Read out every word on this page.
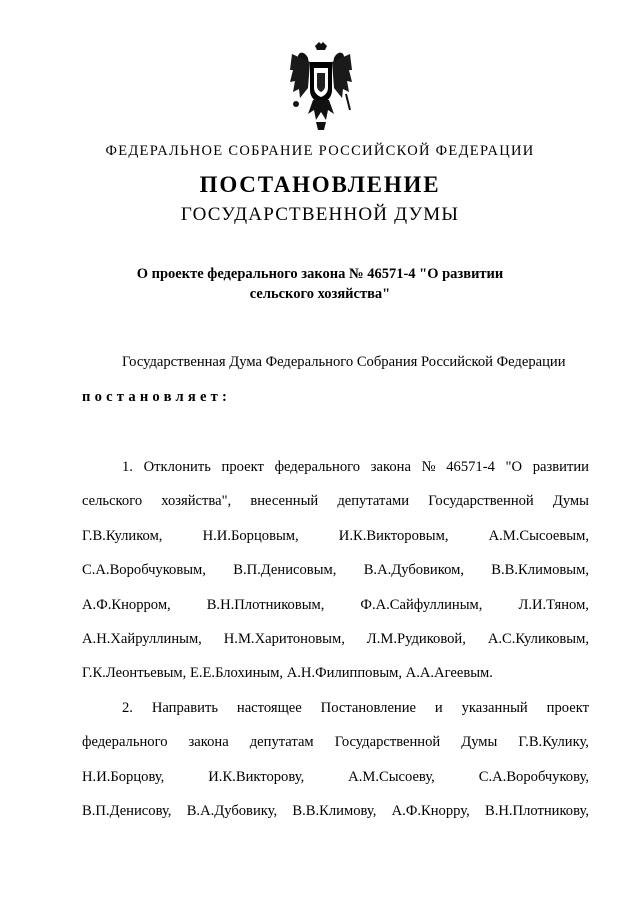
ФЕДЕРАЛЬНОЕ СОБРАНИЕ РОССИЙСКОЙ ФЕДЕРАЦИИ
ПОСТАНОВЛЕНИЕ
ГОСУДАРСТВЕННОЙ ДУМЫ
О проекте федерального закона № 46571-4 "О развитии
сельского хозяйства"
Государственная Дума Федерального Собрания Российской Федерации
постановляет:
1. Отклонить проект федерального закона № 46571-4 "О развитии
сельского хозяйства", внесенный депутатами Государственной Думы
Г.В.Куликом,	Н.И.Борцовым,	И.К.Викторовым,	А.М.Сысоевым,
С.А.Воробчуковым, В.П.Денисовым, В.А.Дубовиком, В.В.Климовым,
А.Ф.Кнорром, В.Н.Плотниковым, Ф.А.Сайфуллиным, Л.И.Тяном,
А.Н.Хайруллиным, Н.М.Харитоновым, Л.М.Рудиковой, А.С.Куликовым,
Г.К.Леонтьевым, Е.Е.Блохиным, А.Н.Филипповым, А.А.Агеевым.
2. Направить настоящее Постановление и указанный проект
федерального закона депутатам Государственной Думы Г.В.Кулику,
Н.И.Борцову,	И.К.Викторову,	А.М.Сысоеву,	С.А.Воробчукову,
В.П.Денисову, В.А.Дубовику, В.В.Климову, А.Ф.Кнорру, В.Н.Плотникову,
